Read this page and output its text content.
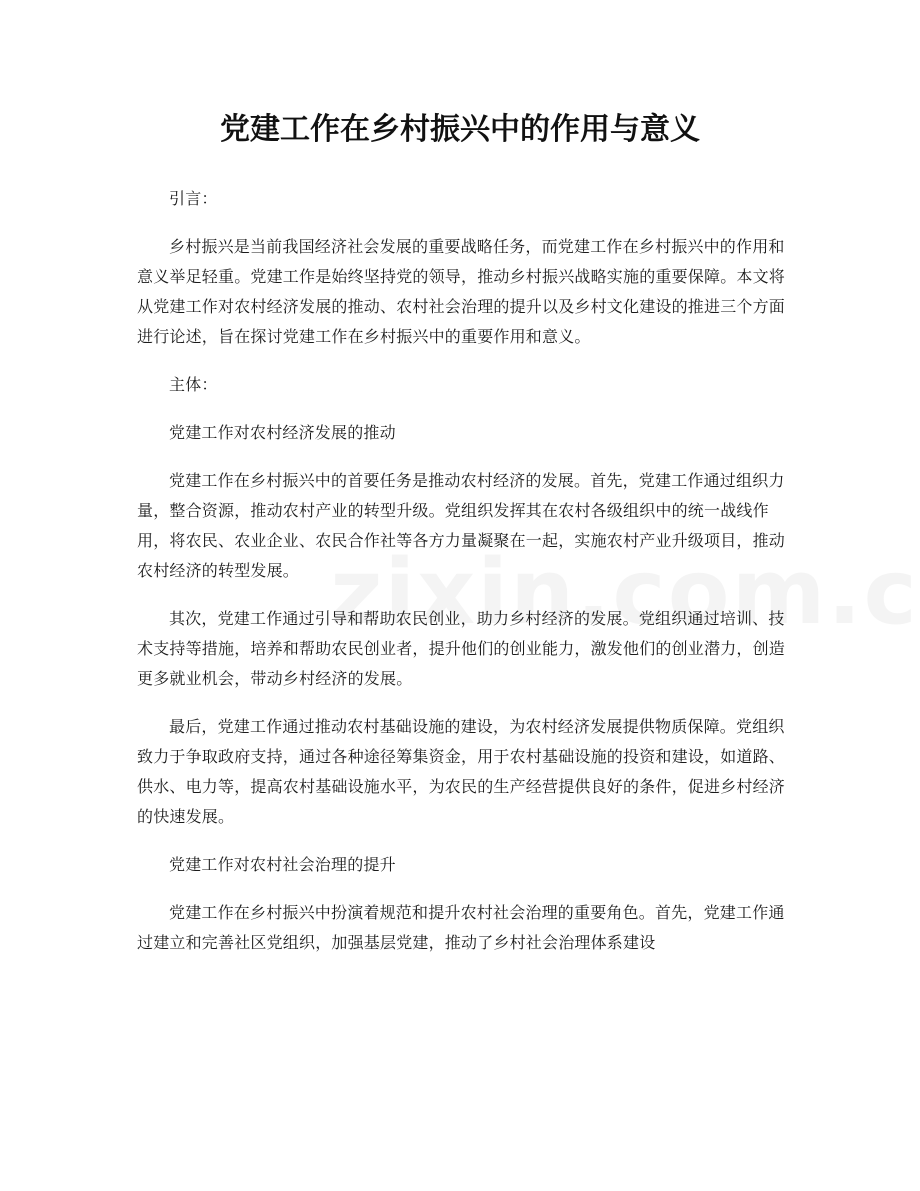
党建工作在乡村振兴中的作用与意义

引言：

乡村振兴是当前我国经济社会发展的重要战略任务，而党建工作在乡村振兴中的作用和意义举足轻重。党建工作是始终坚持党的领导，推动乡村振兴战略实施的重要保障。本文将从党建工作对农村经济发展的推动、农村社会治理的提升以及乡村文化建设的推进三个方面进行论述，旨在探讨党建工作在乡村振兴中的重要作用和意义。

主体：

党建工作对农村经济发展的推动

党建工作在乡村振兴中的首要任务是推动农村经济的发展。首先，党建工作通过组织力量，整合资源，推动农村产业的转型升级。党组织发挥其在农村各级组织中的统一战线作用，将农民、农业企业、农民合作社等各方力量凝聚在一起，实施农村产业升级项目，推动农村经济的转型发展。

其次，党建工作通过引导和帮助农民创业，助力乡村经济的发展。党组织通过培训、技术支持等措施，培养和帮助农民创业者，提升他们的创业能力，激发他们的创业潜力，创造更多就业机会，带动乡村经济的发展。

最后，党建工作通过推动农村基础设施的建设，为农村经济发展提供物质保障。党组织致力于争取政府支持，通过各种途径筹集资金，用于农村基础设施的投资和建设，如道路、供水、电力等，提高农村基础设施水平，为农民的生产经营提供良好的条件，促进乡村经济的快速发展。

党建工作对农村社会治理的提升

党建工作在乡村振兴中扮演着规范和提升农村社会治理的重要角色。首先，党建工作通过建立和完善社区党组织，加强基层党建，推动了乡村社会治理体系建设
